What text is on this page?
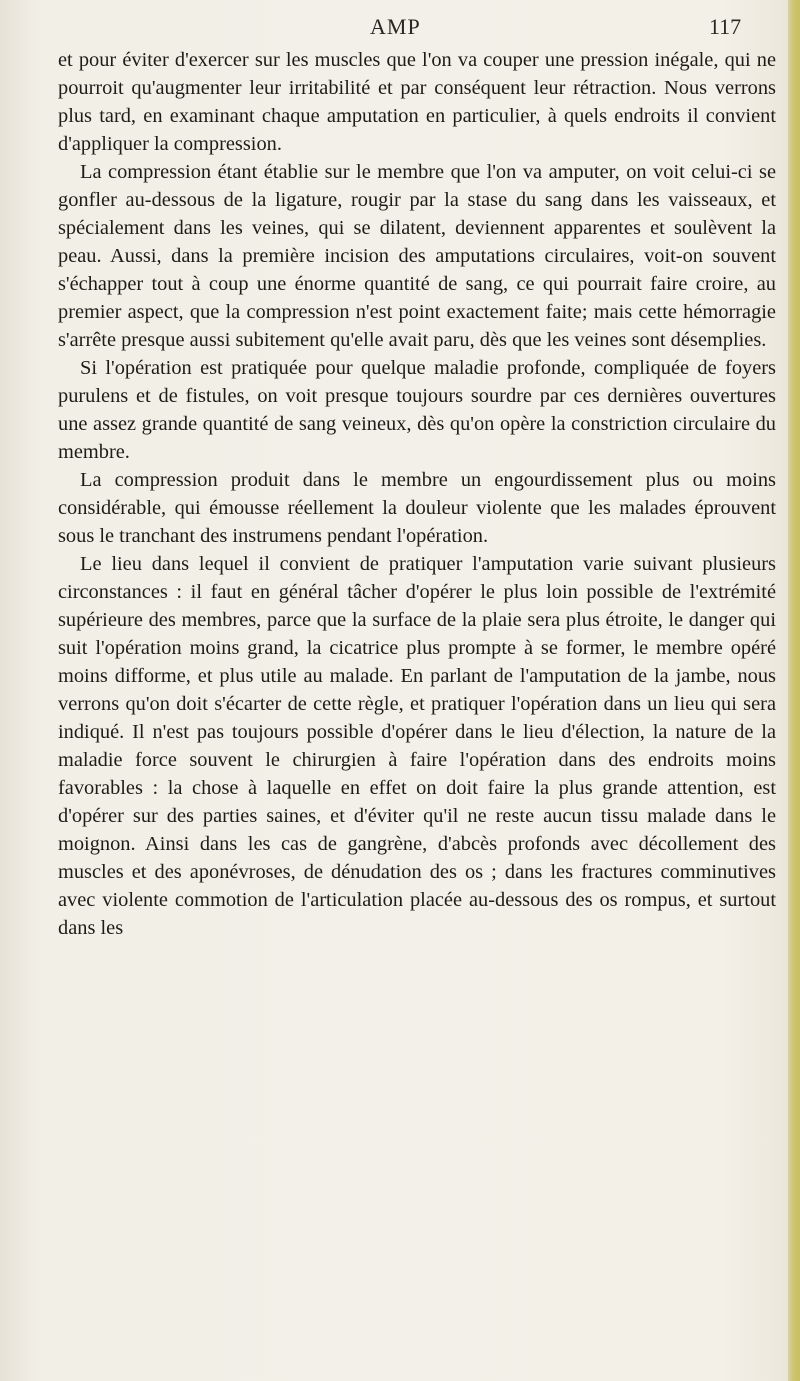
AMP	117

et pour éviter d'exercer sur les muscles que l'on va couper une pression inégale, qui ne pourroit qu'augmenter leur irritabilité et par conséquent leur rétraction. Nous verrons plus tard, en examinant chaque amputation en particulier, à quels endroits il convient d'appliquer la compression.

La compression étant établie sur le membre que l'on va amputer, on voit celui-ci se gonfler au-dessous de la ligature, rougir par la stase du sang dans les vaisseaux, et spécialement dans les veines, qui se dilatent, deviennent apparentes et soulèvent la peau. Aussi, dans la première incision des amputations circulaires, voit-on souvent s'échapper tout à coup une énorme quantité de sang, ce qui pourrait faire croire, au premier aspect, que la compression n'est point exactement faite; mais cette hémorragie s'arrête presque aussi subitement qu'elle avait paru, dès que les veines sont désemplies.

Si l'opération est pratiquée pour quelque maladie profonde, compliquée de foyers purulens et de fistules, on voit presque toujours sourdre par ces dernières ouvertures une assez grande quantité de sang veineux, dès qu'on opère la constriction circulaire du membre.

La compression produit dans le membre un engourdissement plus ou moins considérable, qui émousse réellement la douleur violente que les malades éprouvent sous le tranchant des instrumens pendant l'opération.

Le lieu dans lequel il convient de pratiquer l'amputation varie suivant plusieurs circonstances : il faut en général tâcher d'opérer le plus loin possible de l'extrémité supérieure des membres, parce que la surface de la plaie sera plus étroite, le danger qui suit l'opération moins grand, la cicatrice plus prompte à se former, le membre opéré moins difforme, et plus utile au malade. En parlant de l'amputation de la jambe, nous verrons qu'on doit s'écarter de cette règle, et pratiquer l'opération dans un lieu qui sera indiqué. Il n'est pas toujours possible d'opérer dans le lieu d'élection, la nature de la maladie force souvent le chirurgien à faire l'opération dans des endroits moins favorables : la chose à laquelle en effet on doit faire la plus grande attention, est d'opérer sur des parties saines, et d'éviter qu'il ne reste aucun tissu malade dans le moignon. Ainsi dans les cas de gangrène, d'abcès profonds avec décollement des muscles et des aponévroses, de dénudation des os ; dans les fractures comminutives avec violente commotion de l'articulation placée au-dessous des os rompus, et surtout dans les
